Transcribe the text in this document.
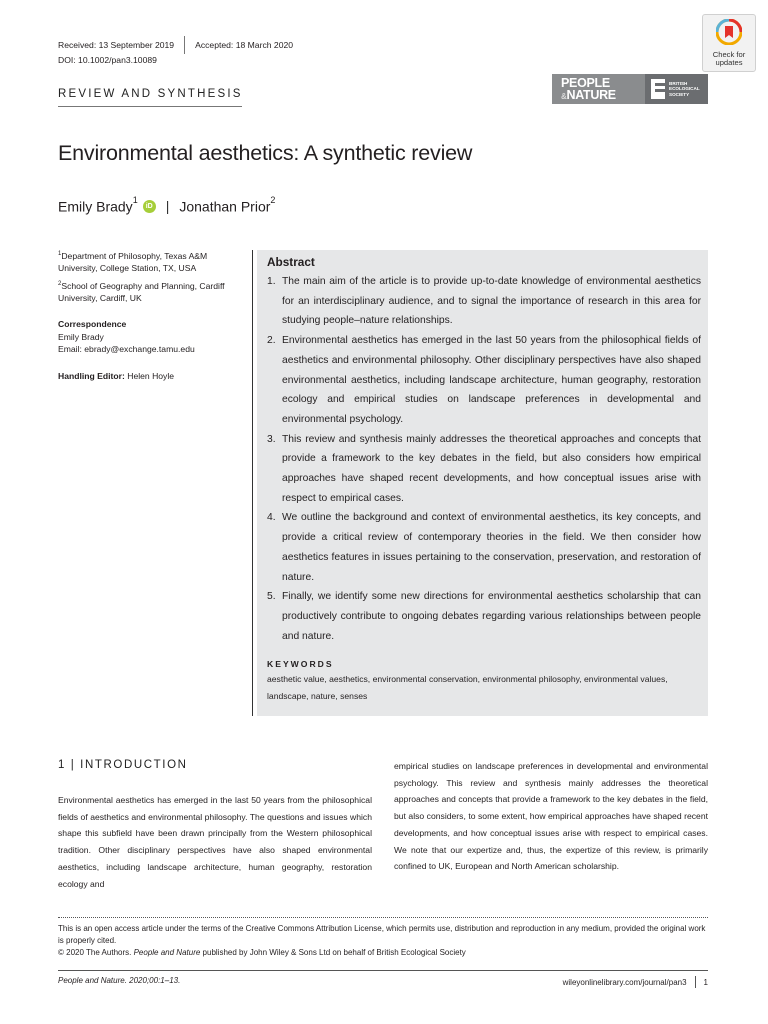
Received: 13 September 2019 Accepted: 18 March 2020
DOI: 10.1002/pan3.10089
Check for
updates
REVIEW AND SYNTHESIS
PEOPLE
&NATURE
BRITISH
ECOLOGICAL
SOCIETY
Environmental aesthetics: A synthetic review
Emily Brady$^1$
iD | Jonathan Prior$^2$
$^1$Department of Philosophy, Texas A&M University, College Station, TX, USA
$^2$School of Geography and Planning, Cardiff University, Cardiff, UK
Correspondence
Emily Brady
Email: ebrady@exchange.tamu.edu
Handling Editor: Helen Hoyle
Abstract
1. The main aim of the article is to provide up-to-date knowledge of environmental aesthetics for an interdisciplinary audience, and to signal the importance of research in this area for studying people–nature relationships.
2. Environmental aesthetics has emerged in the last 50 years from the philosophical fields of aesthetics and environmental philosophy. Other disciplinary perspectives have also shaped environmental aesthetics, including landscape architecture, human geography, restoration ecology and empirical studies on landscape preferences in developmental and environmental psychology.
3. This review and synthesis mainly addresses the theoretical approaches and concepts that provide a framework to the key debates in the field, but also considers how empirical approaches have shaped recent developments, and how conceptual issues arise with respect to empirical cases.
4. We outline the background and context of environmental aesthetics, its key concepts, and provide a critical review of contemporary theories in the field. We then consider how aesthetics features in issues pertaining to the conservation, preservation, and restoration of nature.
5. Finally, we identify some new directions for environmental aesthetics scholarship that can productively contribute to ongoing debates regarding various relationships between people and nature.
KEYWORDS
aesthetic value, aesthetics, environmental conservation, environmental philosophy, environmental values, landscape, nature, senses
1 | INTRODUCTION
Environmental aesthetics has emerged in the last 50 years from the philosophical fields of aesthetics and environmental philosophy. The questions and issues which shape this subfield have been drawn principally from the Western philosophical tradition. Other disciplinary perspectives have also shaped environmental aesthetics, including landscape architecture, human geography, restoration ecology and
empirical studies on landscape preferences in developmental and environmental psychology. This review and synthesis mainly addresses the theoretical approaches and concepts that provide a framework to the key debates in the field, but also considers, to some extent, how empirical approaches have shaped recent developments, and how conceptual issues arise with respect to empirical cases. We note that our expertize and, thus, the expertize of this review, is primarily confined to UK, European and North American scholarship.
This is an open access article under the terms of the Creative Commons Attribution License, which permits use, distribution and reproduction in any medium, provided the original work is properly cited.
© 2020 The Authors. People and Nature published by John Wiley & Sons Ltd on behalf of British Ecological Society
People and Nature. 2020;00:1–13.	wileyonlinelibrary.com/journal/pan3 1
